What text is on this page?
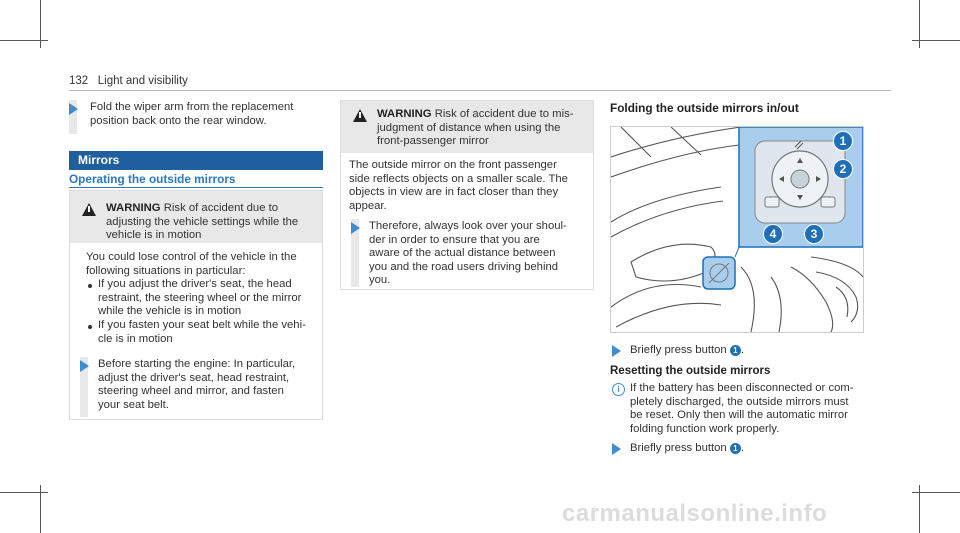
132 Light and visibility
Fold the wiper arm from the replacement
position back onto the rear window.
Mirrors
Operating the outside mirrors
WARNING Risk of accident due to
adjusting the vehicle settings while the
vehicle is in motion
You could lose control of the vehicle in the
following situations in particular:
If you adjust the driver's seat, the head
restraint, the steering wheel or the mirror
while the vehicle is in motion
If you fasten your seat belt while the vehi-
cle is in motion
Before starting the engine: In particular,
adjust the driver's seat, head restraint,
steering wheel and mirror, and fasten
your seat belt.
WARNING Risk of accident due to mis-
judgment of distance when using the
front-passenger mirror
The outside mirror on the front passenger
side reflects objects on a smaller scale. The
objects in view are in fact closer than they
appear.
Therefore, always look over your shoul-
der in order to ensure that you are
aware of the actual distance between
you and the road users driving behind
you.
Folding the outside mirrors in/out
1
2
4	3
Briefly press button 1 .
Resetting the outside mirrors
i If the battery has been disconnected or com-
pletely discharged, the outside mirrors must
be reset. Only then will the automatic mirror
folding function work properly.
Briefly press button 1 .
carmanualsonline.info
